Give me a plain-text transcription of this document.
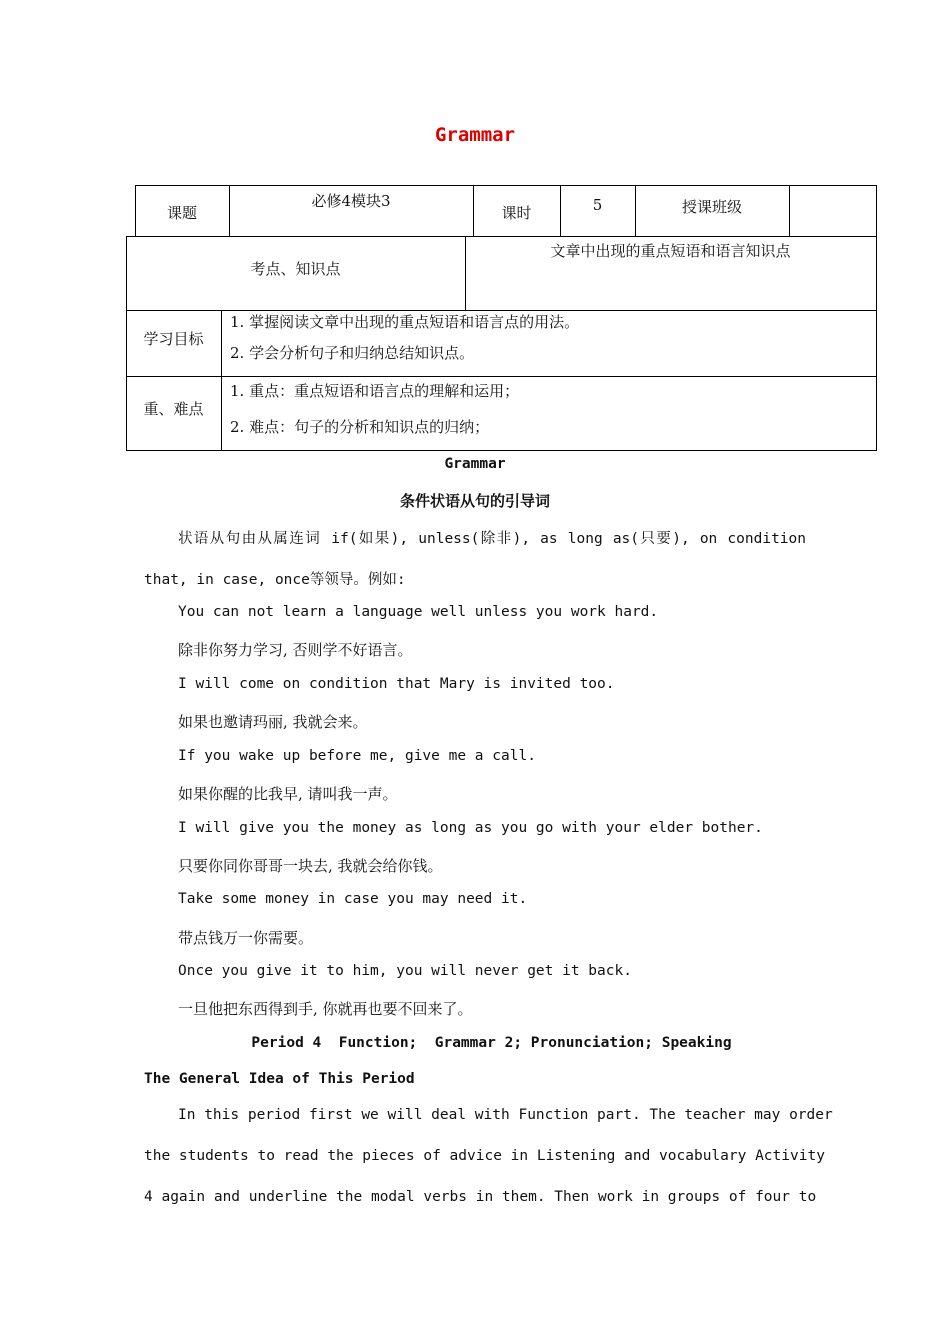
Grammar
课题
必修4模块3
课时	5	授课班级
考点、知识点
文章中出现的重点短语和语言知识点
学习目标
1. 掌握阅读文章中出现的重点短语和语言点的用法。
2. 学会分析句子和归纳总结知识点。
重、难点
1. 重点：重点短语和语言点的理解和运用；
2. 难点：句子的分析和知识点的归纳；
Grammar
条件状语从句的引导词
状语从句由从属连词 if(如果), unless(除非), as long as(只要), on condition
that, in case, once等领导。例如:
You can not learn a language well unless you work hard.
除非你努力学习, 否则学不好语言。
I will come on condition that Mary is invited too.
如果也邀请玛丽, 我就会来。
If you wake up before me, give me a call.
如果你醒的比我早, 请叫我一声。
I will give you the money as long as you go with your elder bother.
只要你同你哥哥一块去, 我就会给你钱。
Take some money in case you may need it.
带点钱万一你需要。
Once you give it to him, you will never get it back.
一旦他把东西得到手, 你就再也要不回来了。
Period 4  Function;  Grammar 2; Pronunciation; Speaking
The General Idea of This Period
In this period first we will deal with Function part. The teacher may order
the students to read the pieces of advice in Listening and vocabulary Activity
4 again and underline the modal verbs in them. Then work in groups of four to
